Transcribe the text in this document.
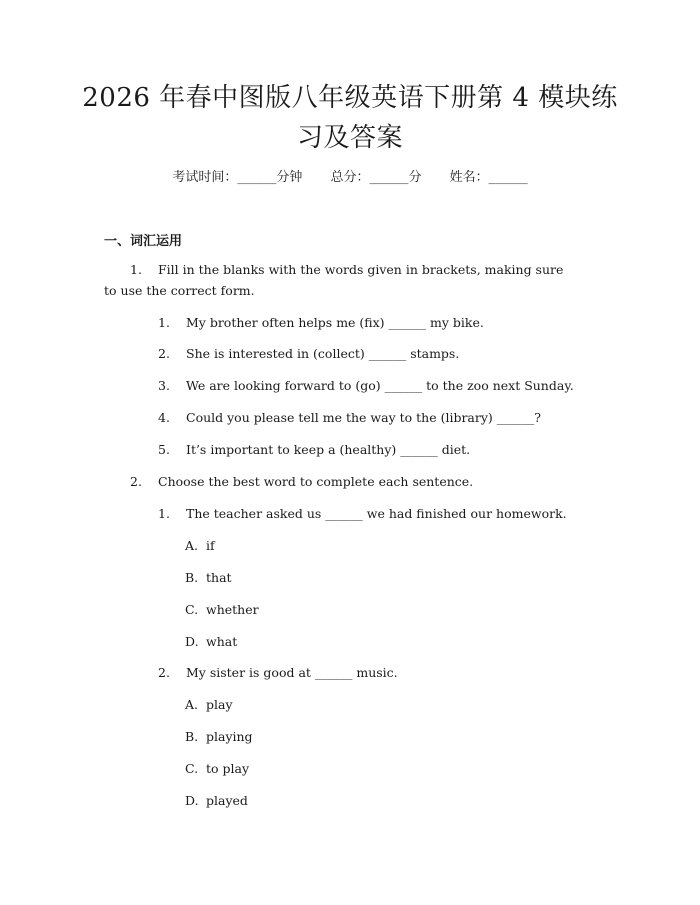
2026 年春中图版八年级英语下册第 4 模块练
习及答案
考试时间：______分钟 总分：______分 姓名：______
一、词汇运用
1. Fill in the blanks with the words given in brackets, making sure
to use the correct form.
1. My brother often helps me (fix) ______ my bike.
2. She is interested in (collect) ______ stamps.
3. We are looking forward to (go) ______ to the zoo next Sunday.
4. Could you please tell me the way to the (library) ______?
5. It’s important to keep a (healthy) ______ diet.
2. Choose the best word to complete each sentence.
1. The teacher asked us ______ we had finished our homework.
A. if
B. that
C. whether
D. what
2. My sister is good at ______ music.
A. play
B. playing
C. to play
D. played
